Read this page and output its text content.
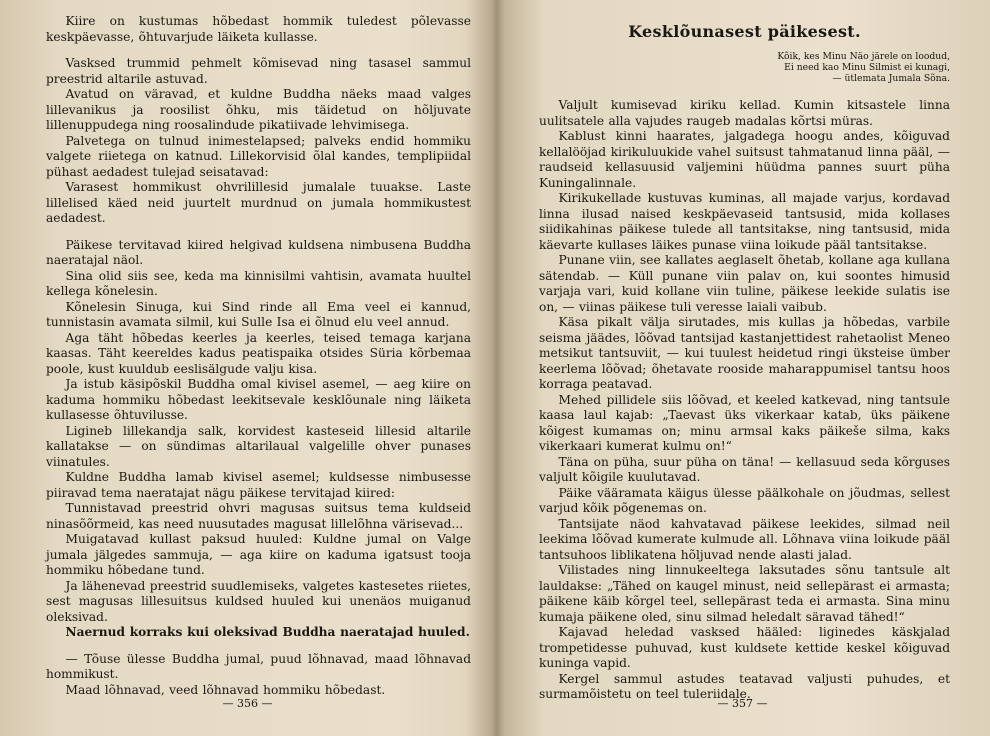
Kiire on kustumas hõbedast hommik tuledest põlevasse keskpäevasse, õhtuvarjude läiketa kullasse.

Vasksed trummid pehmelt kõmisevad ning tasasel sammul preestrid altarile astuvad.

Avatud on väravad, et kuldne Buddha näeks maad valges lillevanikus ja roosilist õhku, mis täidetud on hõljuvate lillenuppudega ning roosalindude pikatiivade lehvimisega.

Palvetega on tulnud inimestelapsed; palveks endid hommiku valgete riietega on katnud. Lillekorvisid õlal kandes, templipiidal pühast aedadest tulejad seisatavad:

Varasest hommikust ohvrilillesid jumalale tuuakse. Laste lillelised käed neid juurtelt murdnud on jumala hommikustest aedadest.

Päikese tervitavad kiired helgivad kuldsena nimbusena Buddha naeratajal näol.

Sina olid siis see, keda ma kinnisilmi vahtisin, avamata huultel kellega kõnelesin.

Kõnelesin Sinuga, kui Sind rinde all Ema veel ei kannud, tunnistasin avamata silmil, kui Sulle Isa ei õlnud elu veel annud.

Aga täht hõbedas keerles ja keerles, teised temaga karjana kaasas. Täht keereldes kadus peatispaika otsides Süria kõrbemaa poole, kust kuuldub eeslisälgude valju kisa.

Ja istub käsipõskil Buddha omal kivisel asemel, — aeg kiire on kaduma hommiku hõbedast leekitsevale kesklõunale ning läiketa kullasesse õhtuvilusse.

Ligineb lillekandja salk, korvidest kasteseid lillesid altarile kallatakse — on sündimas altarilaual valgelille ohver punases viinatules.

Kuldne Buddha lamab kivisel asemel; kuldsesse nimbusesse piiravad tema naeratajat nägu päikese tervitajad kiired:

Tunnistavad preestrid ohvri magusas suitsus tema kuldseid ninasõõrmeid, kas need nuusutades magusat lillelõhna värisevad...

Muigatavad kullast paksud huuled: Kuldne jumal on Valge jumala jälgedes sammuja, — aga kiire on kaduma igatsust tooja hommiku hõbedane tund.

Ja lähenevad preestrid suudlemiseks, valgetes kastesetes riietes, sest magusas lillesuitsus kuldsed huuled kui unenäos muiganud oleksivad.

Naernud korraks kui oleksivad Buddha naeratajad huuled.

— Tõuse ülesse Buddha jumal, puud lõhnavad, maad lõhnavad hommikust.

Maad lõhnavad, veed lõhnavad hommiku hõbedast.

— 356 —
Kesklõunasest päikesest.
Kõik, kes Minu Näo järele on loodud,
Ei need kao Minu Silmist ei kunagi,
— ütlemata Jumala Sõna.

Valjult kumisevad kiriku kellad. Kumin kitsastele linna uulitsatele alla vajudes raugeb madalas kõrtsi müras.

Kablust kinni haarates, jalgadega hoogu andes, kõiguvad kellalööjad kirikuluukide vahel suitsust tahmatanud linna pääl, — raudseid kellasuusid valjemini hüüdma pannes suurt püha Kuningalinnale.

Kirikukellade kustuvas kuminas, all majade varjus, kordavad linna ilusad naised keskpäevaseid tantsusid, mida kollases siidikahinas päikese tulede all tantsitakse, ning tantsusid, mida käevarte kullases läikes punase viina loikude pääl tantsitakse.

Punane viin, see kallates aeglaselt õhetab, kollane aga kullana sätendab. — Küll punane viin palav on, kui soontes himusid varjaja vari, kuid kollane viin tuline, päikese leekide sulatis ise on, — viinas päikese tuli veresse laiali vaibub.

Käsa pikalt välja sirutades, mis kullas ja hõbedas, varbile seisma jäädes, lõõvad tantsijad kastanjettidest rahetaolist Meneo metsikut tantsuviit, — kui tuulest heidetud ringi üksteise ümber keerlema lõõvad; õhetavate rooside maharappumisel tantsu hoos korraga peatavad.

Mehed pillidele siis lõõvad, et keeled katkevad, ning tantsule kaasa laul kajab: „Taevast üks vikerkaar katab, üks päikene kõigest kumamas on; minu armsal kaks päikeše silma, kaks vikerkaari kumerat kulmu on!“

Täna on püha, suur püha on täna! — kellasuud seda kõrguses valjult kõigile kuulutavad.

Päike vääramata käigus ülesse päälkohale on jõudmas, sellest varjud kõik põgenemas on.

Tantsijate näod kahvatavad päikese leekides, silmad neil leekima lõõvad kumerate kulmude all. Lõhnava viina loikude pääl tantsuhoos liblikatena hõljuvad nende alasti jalad.

Vilistades ning linnukeeltega laksutades sõnu tantsule alt lauldakse: „Tähed on kaugel minust, neid sellepärast ei armasta; päikene käib kõrgel teel, sellepärast teda ei armasta. Sina minu kumaja päikene oled, sinu silmad heledalt säravad tähed!“

Kajavad heledad vasksed hääled: liginedes käskjalad trompetidesse puhuvad, kust kuldsete kettide keskel kõiguvad kuninga vapid.

Kergel sammul astudes teatavad valjusti puhudes, et surmamõistetu on teel tuleriidale.

— 357 —
